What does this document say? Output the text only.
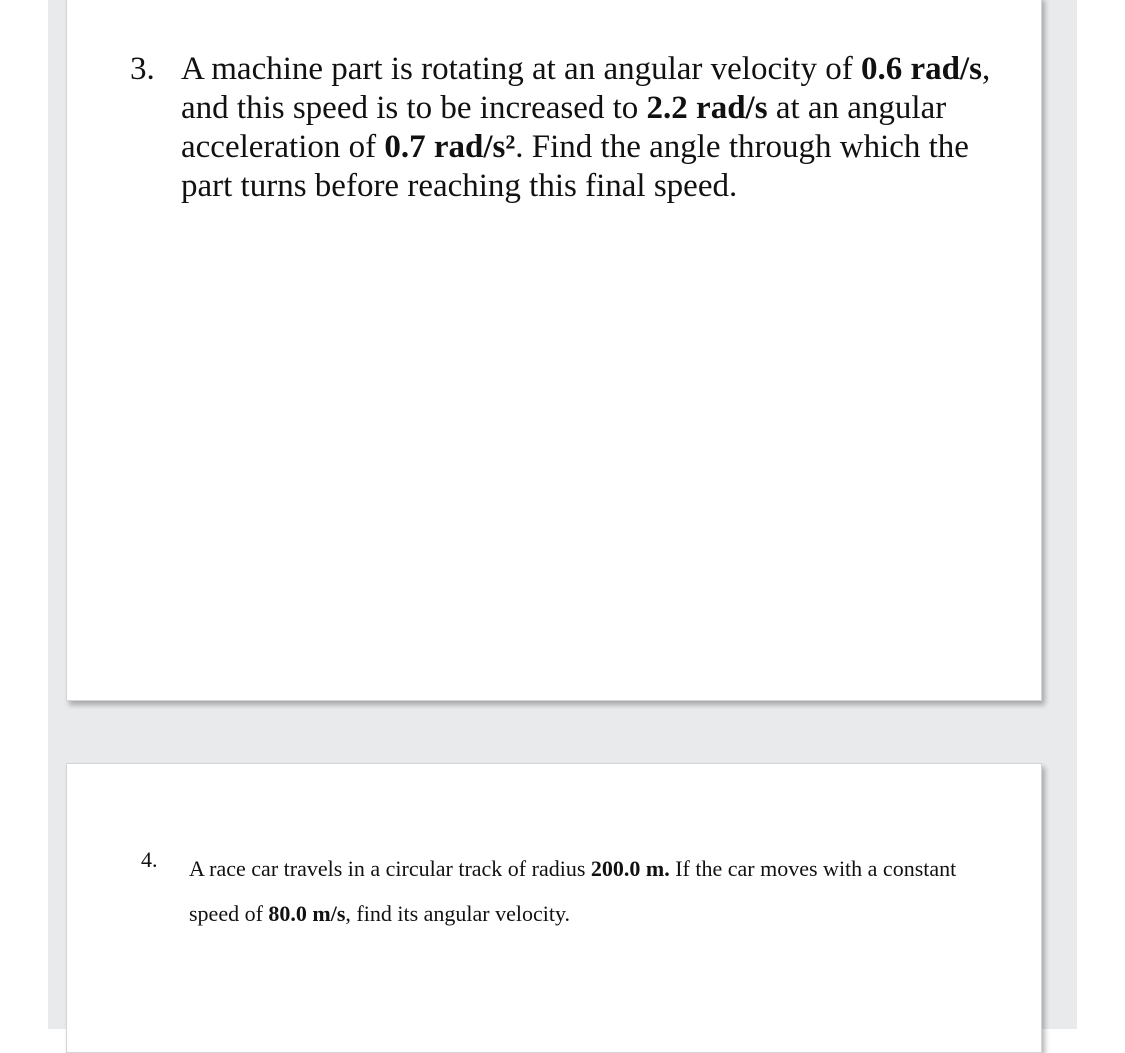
3. A machine part is rotating at an angular velocity of 0.6 rad/s, and this speed is to be increased to 2.2 rad/s at an angular acceleration of 0.7 rad/s². Find the angle through which the part turns before reaching this final speed.
4. A race car travels in a circular track of radius 200.0 m. If the car moves with a constant speed of 80.0 m/s, find its angular velocity.
